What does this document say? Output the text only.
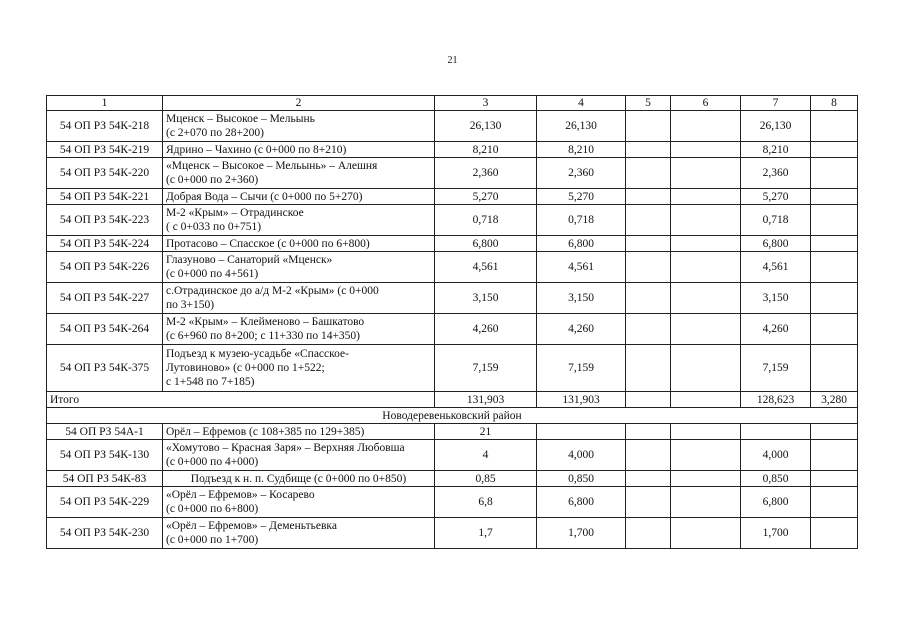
21
1	2	3	4	5	6	7	8
54 ОП РЗ 54К-218	Мценск – Высокое – Мельынь
(с 2+070 по 28+200)	26,130	26,130			26,130	
54 ОП РЗ 54К-219	Ядрино – Чахино (с 0+000 по 8+210)	8,210	8,210			8,210	
54 ОП РЗ 54К-220	«Мценск – Высокое – Мельынь» – Алешня
(с 0+000 по 2+360)	2,360	2,360			2,360	
54 ОП РЗ 54К-221	Добрая Вода – Сычи (с 0+000 по 5+270)	5,270	5,270			5,270	
54 ОП РЗ 54К-223	М-2 «Крым» – Отрадинское
( с 0+033 по 0+751)	0,718	0,718			0,718	
54 ОП РЗ 54К-224	Протасово – Спасское (с 0+000 по 6+800)	6,800	6,800			6,800	
54 ОП РЗ 54К-226	Глазуново – Санаторий «Мценск»
(с 0+000 по 4+561)	4,561	4,561			4,561	
54 ОП РЗ 54К-227	с.Отрадинское до а/д М-2 «Крым» (с 0+000
по 3+150)	3,150	3,150			3,150	
54 ОП РЗ 54К-264	М-2 «Крым» – Клейменово – Башкатово
(с 6+960 по 8+200; с 11+330 по 14+350)	4,260	4,260			4,260	
54 ОП РЗ 54К-375	Подъезд к музею-усадьбе «Спасское-
Лутовиново» (с 0+000 по 1+522;
с 1+548 по 7+185)	7,159	7,159			7,159	
Итого		131,903	131,903			128,623	3,280
Новодеревеньковский район							
54 ОП РЗ 54А-1	Орёл – Ефремов (с 108+385 по 129+385)	21					
54 ОП РЗ 54К-130	«Хомутово – Красная Заря» – Верхняя Любовша
(с 0+000 по 4+000)	4	4,000			4,000	
54 ОП РЗ 54К-83	Подъезд к н. п. Судбище (с 0+000 по 0+850)	0,85	0,850			0,850	
54 ОП РЗ 54К-229	«Орёл – Ефремов» – Косарево
(с 0+000 по 6+800)	6,8	6,800			6,800	
54 ОП РЗ 54К-230	«Орёл – Ефремов» – Деменьтьевка
(с 0+000 по 1+700)	1,7	1,700			1,700	
